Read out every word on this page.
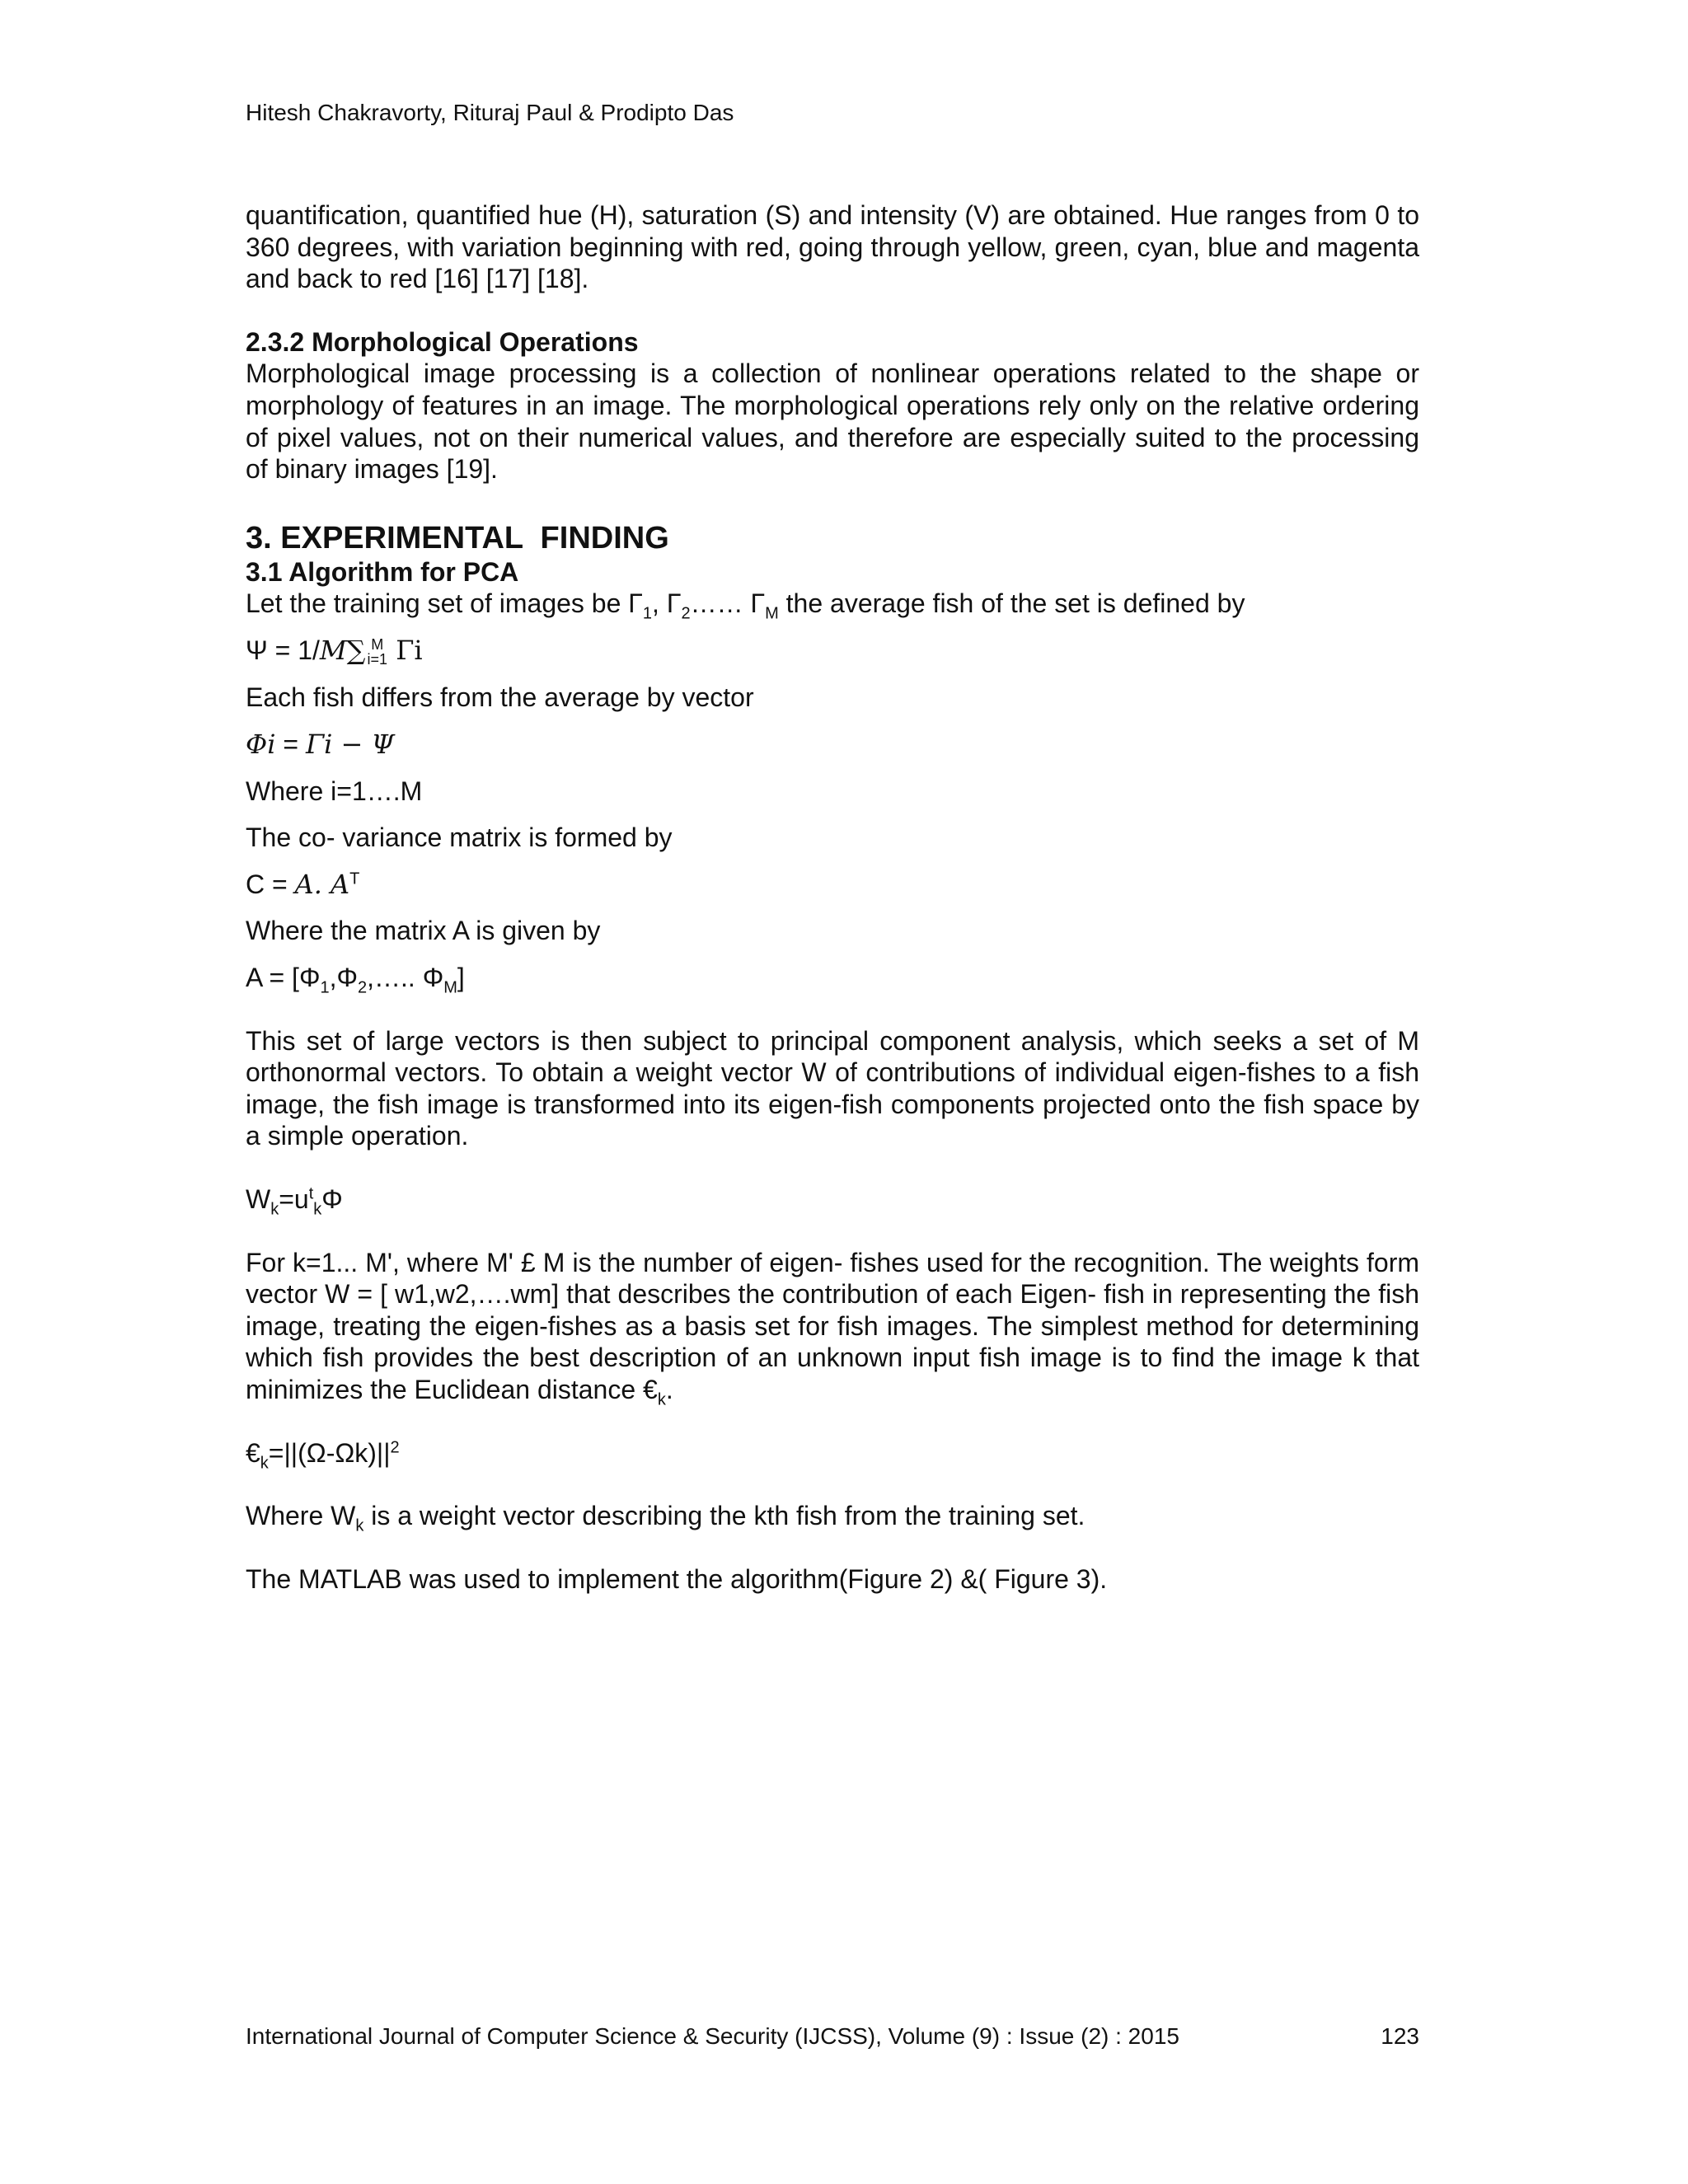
Hitesh Chakravorty, Rituraj Paul & Prodipto Das

quantification, quantified hue (H), saturation (S) and intensity (V) are obtained. Hue ranges from 0 to 360 degrees, with variation beginning with red, going through yellow, green, cyan, blue and magenta and back to red [16] [17] [18].

2.3.2 Morphological Operations

Morphological image processing is a collection of nonlinear operations related to the shape or morphology of features in an image. The morphological operations rely only on the relative ordering of pixel values, not on their numerical values, and therefore are especially suited to the processing of binary images [19].

3. EXPERIMENTAL  FINDING

3.1 Algorithm for PCA

Let the training set of images be $\Gamma_1$, $\Gamma_2\dots\dots$ $\Gamma_M$ the average fish of the set is defined by

Ψ = 1/M∑ M
i=1 Γi

Each fish differs from the average by vector

Φi = Γi − Ψ

Where i=1….M

The co- variance matrix is formed by

C = A. $A^T$

Where the matrix A is given by

$A = [\Phi_1,\Phi_2,\dots$.. $\Phi_M$]

This set of large vectors is then subject to principal component analysis, which seeks a set of M orthonormal vectors. To obtain a weight vector W of contributions of individual eigen-fishes to a fish image, the fish image is transformed into its eigen-fish components projected onto the fish space by a simple operation.

$W_k=u^t_k\Phi$

For k=1... M', where M' £ M is the number of eigen- fishes used for the recognition. The weights form vector W = [ w1,w2,….wm] that describes the contribution of each Eigen- fish in representing the fish image, treating the eigen-fishes as a basis set for fish images. The simplest method for determining which fish provides the best description of an unknown input fish image is to find the image k that minimizes the Euclidean distance $€_k$.

$€_k=||(\Omega-\Omega k)||^2$

Where $W_k$ is a weight vector describing the kth fish from the training set.

The MATLAB was used to implement the algorithm(Figure 2) &( Figure 3).

International Journal of Computer Science & Security (IJCSS), Volume (9) : Issue (2) : 2015	123
